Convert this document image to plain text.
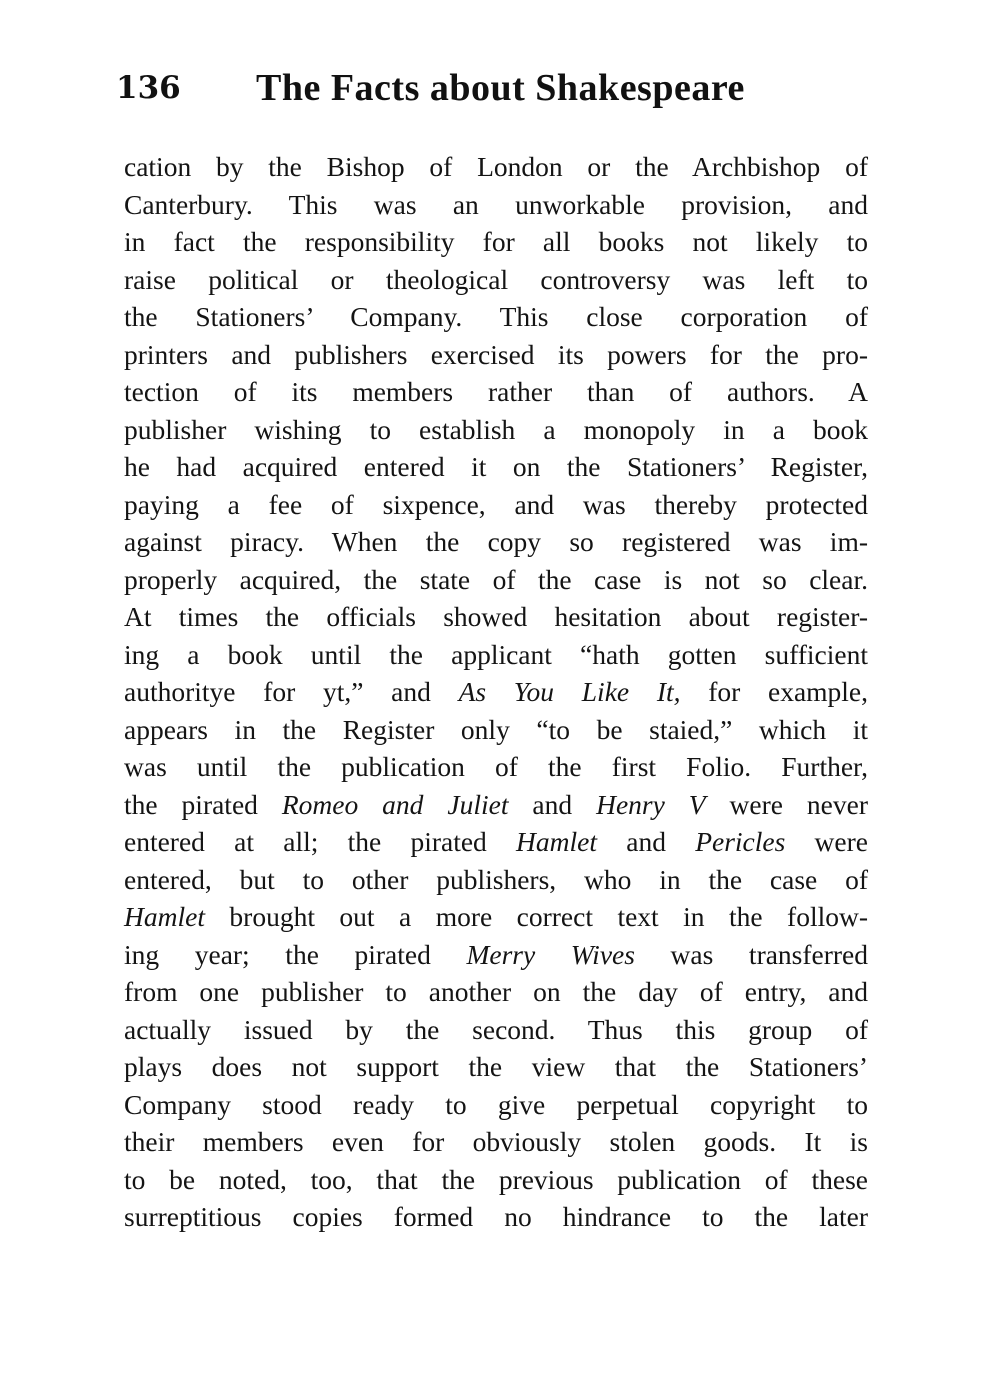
136 The Facts about Shakespeare
cation by the Bishop of London or the Archbishop of
Canterbury. This was an unworkable provision, and
in fact the responsibility for all books not likely to
raise political or theological controversy was left to
the Stationers’ Company. This close corporation of
printers and publishers exercised its powers for the pro-
tection of its members rather than of authors. A
publisher wishing to establish a monopoly in a book
he had acquired entered it on the Stationers’ Register,
paying a fee of sixpence, and was thereby protected
against piracy. When the copy so registered was im-
properly acquired, the state of the case is not so clear.
At times the officials showed hesitation about register-
ing a book until the applicant “hath gotten sufficient
authoritye for yt,” and As You Like It, for example,
appears in the Register only “to be staied,” which it
was until the publication of the first Folio. Further,
the pirated Romeo and Juliet and Henry V were never
entered at all; the pirated Hamlet and Pericles were
entered, but to other publishers, who in the case of
Hamlet brought out a more correct text in the follow-
ing year; the pirated Merry Wives was transferred
from one publisher to another on the day of entry, and
actually issued by the second. Thus this group of
plays does not support the view that the Stationers’
Company stood ready to give perpetual copyright to
their members even for obviously stolen goods. It is
to be noted, too, that the previous publication of these
surreptitious copies formed no hindrance to the later
